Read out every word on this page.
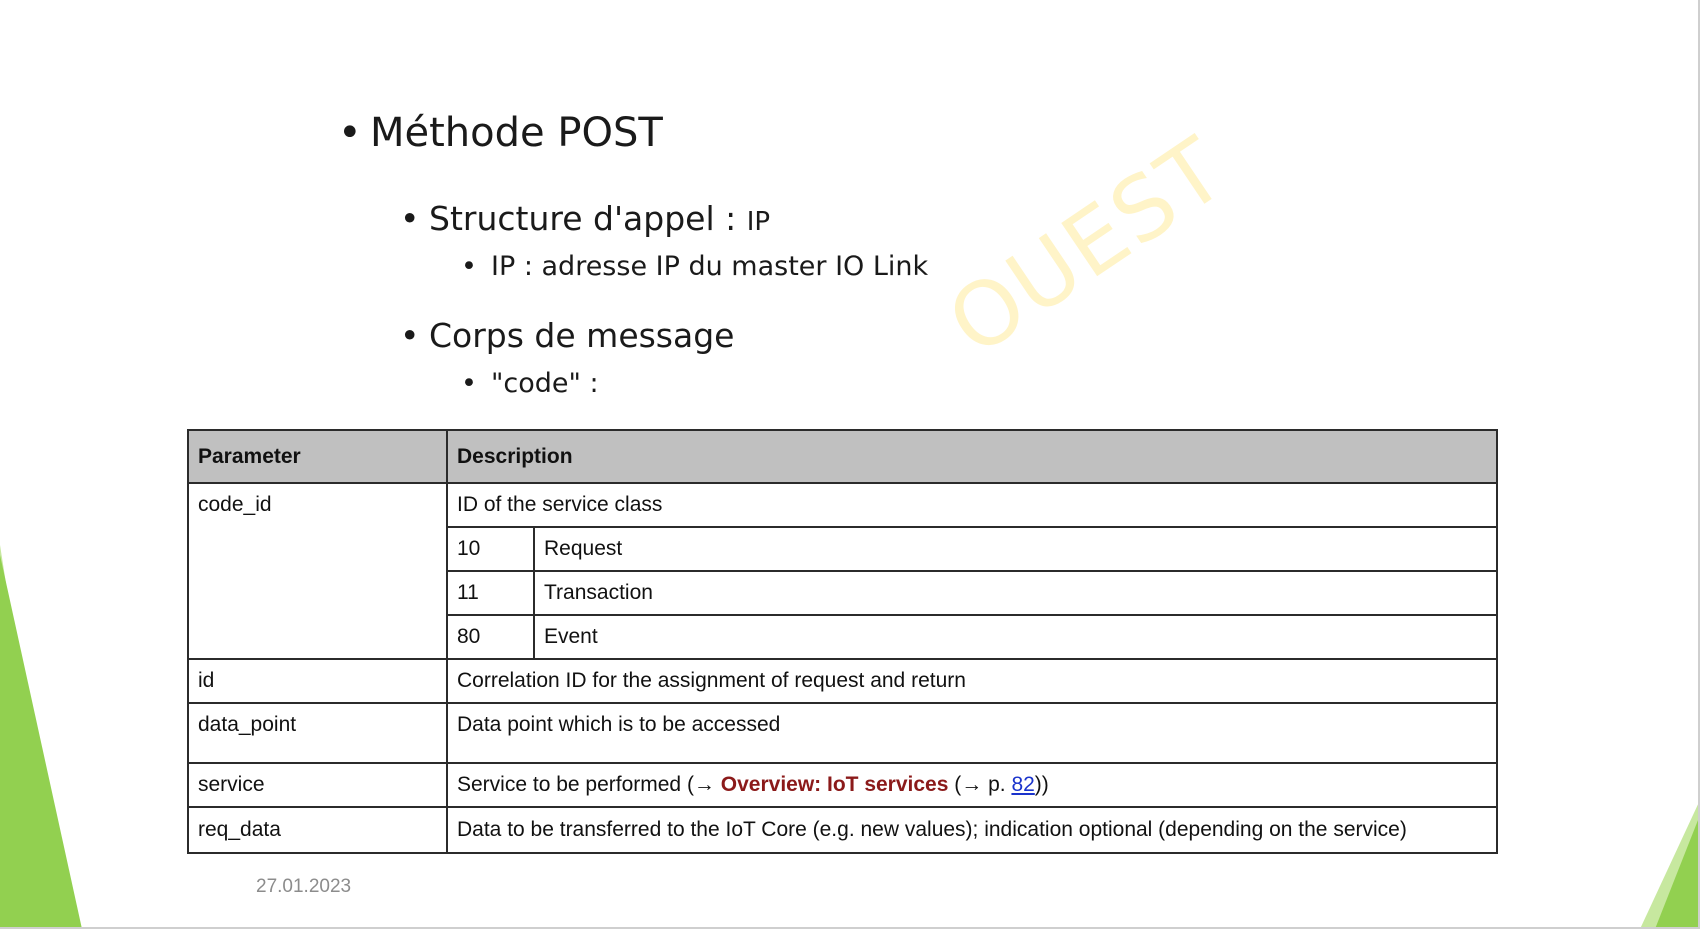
OUEST
• Méthode POST
• Structure d'appel : IP
• IP : adresse IP du master IO Link
• Corps de message
• "code" :
Parameter	Description	
code_id	ID of the service class	
	10	Request
	11	Transaction
	80	Event
id	Correlation ID for the assignment of request and return	
data_point	Data point which is to be accessed	
service	Service to be performed (→ Overview: IoT services (→ p. 82))	
req_data	Data to be transferred to the IoT Core (e.g. new values); indication optional (depending on the service)	
27.01.2023
